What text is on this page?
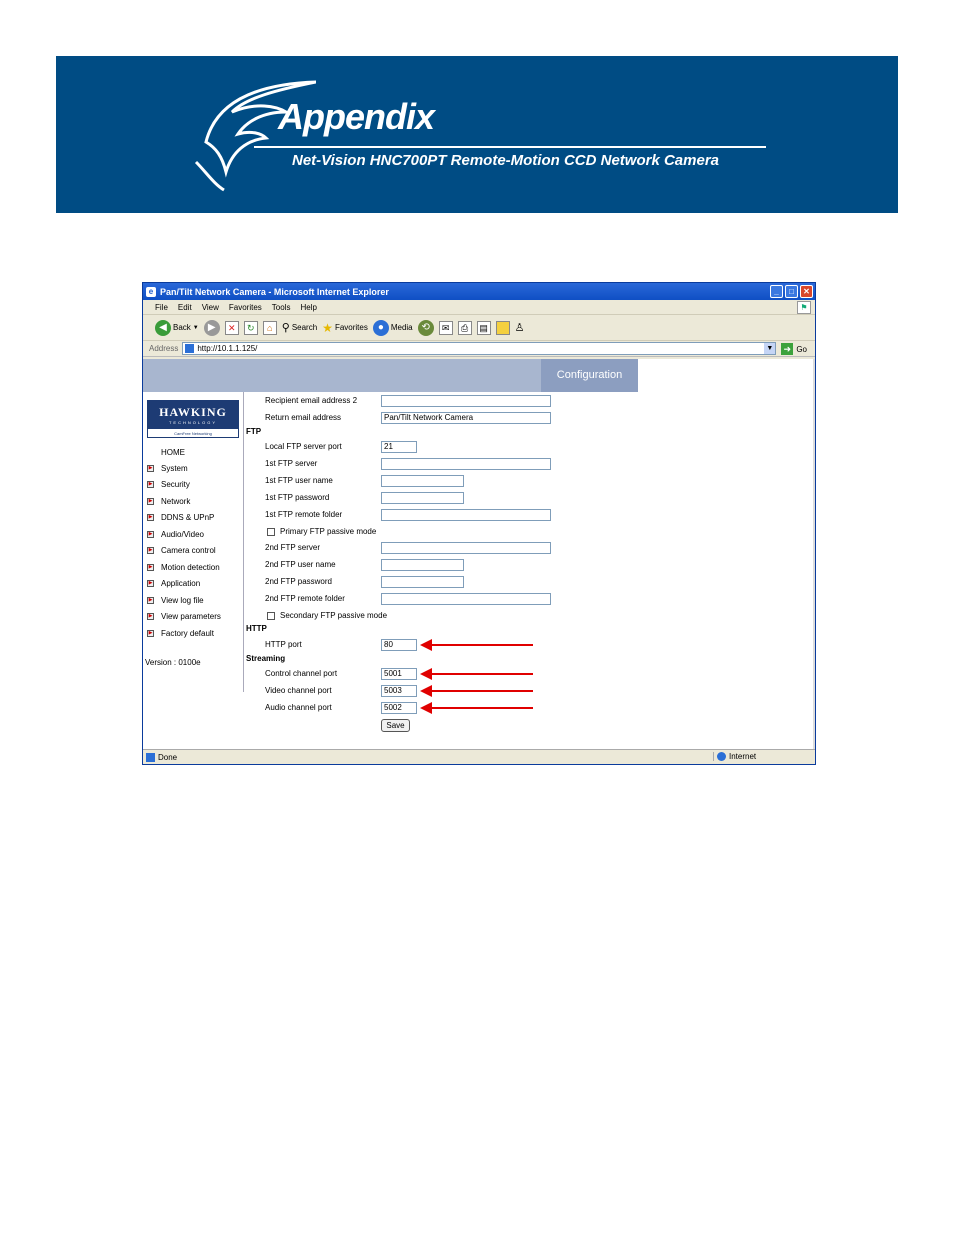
Appendix
Net-Vision HNC700PT Remote-Motion CCD Network Camera
e Pan/Tilt Network Camera - Microsoft Internet Explorer	_	□	✕
File Edit View Favorites Tools Help	⚑
◀ Back ▼ ▶	✕	↻	⌂ ⚲ Search ★ Favorites ● Media ⟲	✉	⎙	▤ ♙
Address http://10.1.1.125/	▼ ➜ Go
Configuration
HAWKING
TECHNOLOGY
CamFree Networking
HOME
▶ System
▶ Security
▶ Network
▶ DDNS & UPnP
▶ Audio/Video
▶ Camera control
▶ Motion detection
▶ Application
▶ View log file
▶ View parameters
▶ Factory default
Version : 0100e
Recipient email address 2
Return email address	Pan/Tilt Network Camera
FTP
Local FTP server port	21
1st FTP server
1st FTP user name
1st FTP password
1st FTP remote folder
Primary FTP passive mode
2nd FTP server
2nd FTP user name
2nd FTP password
2nd FTP remote folder
Secondary FTP passive mode
HTTP
HTTP port	80
Streaming
Control channel port	5001
Video channel port	5003
Audio channel port	5002
Save
Done	Internet
